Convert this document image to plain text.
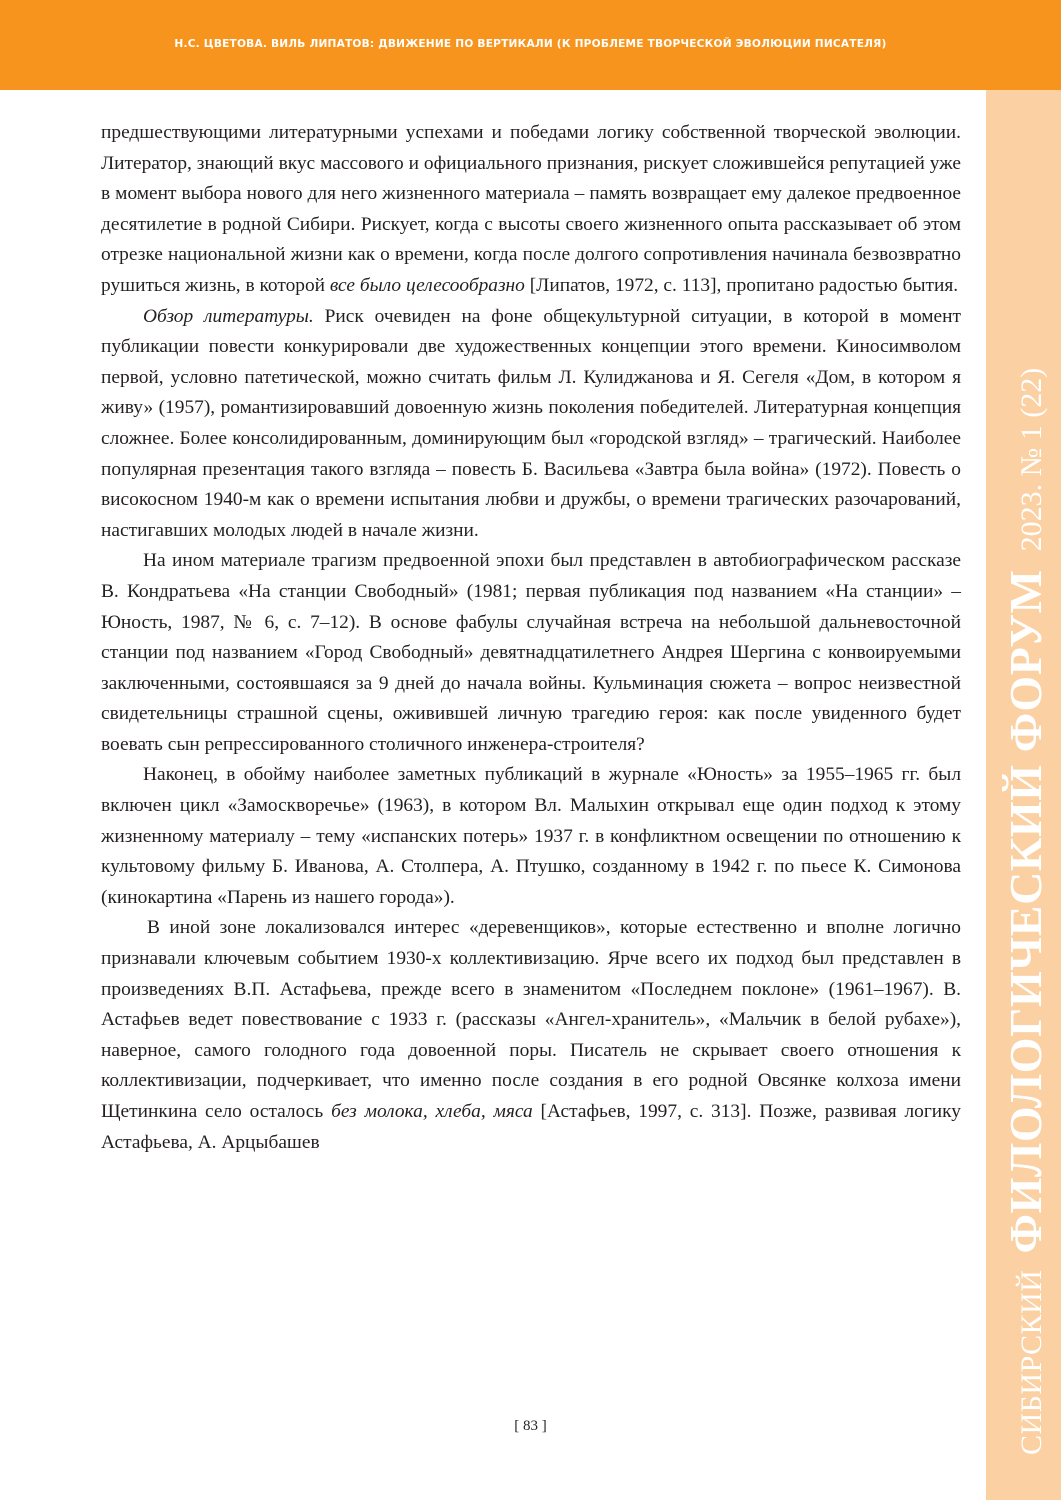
Н.С. ЦВЕТОВА. ВИЛЬ ЛИПАТОВ: ДВИЖЕНИЕ ПО ВЕРТИКАЛИ (К ПРОБЛЕМЕ ТВОРЧЕСКОЙ ЭВОЛЮЦИИ ПИСАТЕЛЯ)
СИБИРСКИЙ ФИЛОЛОГИЧЕСКИЙ ФОРУМ 2023. № 1 (22)

предшествующими литературными успехами и победами логику собственной творческой эволюции. Литератор, знающий вкус массового и официального признания, рискует сложившейся репутацией уже в момент выбора нового для него жизненного материала – память возвращает ему далекое предвоенное десятилетие в родной Сибири. Рискует, когда с высоты своего жизненного опыта рассказывает об этом отрезке национальной жизни как о времени, когда после долгого сопротивления начинала безвозвратно рушиться жизнь, в которой все было целесообразно [Липатов, 1972, с. 113], пропитано радостью бытия.

Обзор литературы. Риск очевиден на фоне общекультурной ситуации, в которой в момент публикации повести конкурировали две художественных концепции этого времени. Киносимволом первой, условно патетической, можно считать фильм Л. Кулиджанова и Я. Сегеля «Дом, в котором я живу» (1957), романтизировавший довоенную жизнь поколения победителей. Литературная концепция сложнее. Более консолидированным, доминирующим был «городской взгляд» – трагический. Наиболее популярная презентация такого взгляда – повесть Б. Васильева «Завтра была война» (1972). Повесть о високосном 1940-м как о времени испытания любви и дружбы, о времени трагических разочарований, настигавших молодых людей в начале жизни.

На ином материале трагизм предвоенной эпохи был представлен в автобиографическом рассказе В. Кондратьева «На станции Свободный» (1981; первая публикация под названием «На станции» – Юность, 1987, № 6, с. 7–12). В основе фабулы случайная встреча на небольшой дальневосточной станции под названием «Город Свободный» девятнадцатилетнего Андрея Шергина с конвоируемыми заключенными, состоявшаяся за 9 дней до начала войны. Кульминация сюжета – вопрос неизвестной свидетельницы страшной сцены, оживившей личную трагедию героя: как после увиденного будет воевать сын репрессированного столичного инженера-строителя?

Наконец, в обойму наиболее заметных публикаций в журнале «Юность» за 1955–1965 гг. был включен цикл «Замоскворечье» (1963), в котором Вл. Малыхин открывал еще один подход к этому жизненному материалу – тему «испанских потерь» 1937 г. в конфликтном освещении по отношению к культовому фильму Б. Иванова, А. Столпера, А. Птушко, созданному в 1942 г. по пьесе К. Симонова (кинокартина «Парень из нашего города»).

В иной зоне локализовался интерес «деревенщиков», которые естественно и вполне логично признавали ключевым событием 1930-х коллективизацию. Ярче всего их подход был представлен в произведениях В.П. Астафьева, прежде всего в знаменитом «Последнем поклоне» (1961–1967). В. Астафьев ведет повествование с 1933 г. (рассказы «Ангел-хранитель», «Мальчик в белой рубахе»), наверное, самого голодного года довоенной поры. Писатель не скрывает своего отношения к коллективизации, подчеркивает, что именно после создания в его родной Овсянке колхоза имени Щетинкина село осталось без молока, хлеба, мяса [Астафьев, 1997, с. 313]. Позже, развивая логику Астафьева, А. Арцыбашев

[ 83 ]
